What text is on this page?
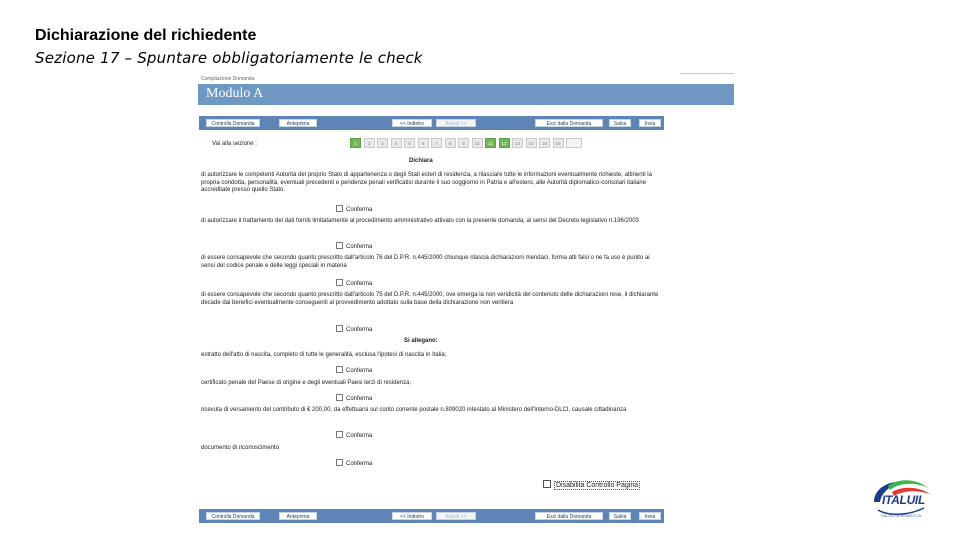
Dichiarazione del richiedente
Sezione 17 – Spuntare obbligatoriamente le check
Compilazione Domanda
Modulo A
Controlla Domanda	Anteprima	<< Indietro	Avanti >>	Esci dalla Domanda	Salva	Invia
Vai alla sezione :	1	2	3	4	5	6	7	8	9	10	11	12	13	14	15	16
Dichiara
di autorizzare le competenti Autorità del proprio Stato di appartenenza o degli Stati esteri di residenza, a rilasciare tutte le informazioni eventualmente richieste, attinenti la propria condotta, personalità, eventuali precedenti e pendenze penali verificatisi durante il suo soggiorno in Patria e all'estero, alle Autorità diplomatico-consolari italiane accreditate presso quello Stato.
Conferma
di autorizzare il trattamento dei dati forniti limitatamente al procedimento amministrativo attivato con la presente domanda, ai sensi del Decreto legislativo n.196/2003
Conferma
di essere consapevole che secondo quanto prescritto dall'articolo 76 del D.P.R. n.445/2000 chiunque rilascia dichiarazioni mendaci, forma atti falsi o ne fa uso è punito ai sensi del codice penale e delle leggi speciali in materia
Conferma
di essere consapevole che secondo quanto prescritto dall'articolo 75 del D.P.R. n.445/2000, ove emerga la non veridicità del contenuto delle dichiarazioni rese, il dichiarante decade dai benefici eventualmente conseguenti al provvedimento adottato sulla base della dichiarazione non veritiera
Conferma
Si allegano:
estratto dell'atto di nascita, completo di tutte le generalità, esclusa l'ipotesi di nascita in Italia;
Conferma
certificato penale del Paese di origine e degli eventuali Paesi terzi di residenza;
Conferma
ricevuta di versamento del contributo di € 200,00, da effettuarsi sul conto corrente postale n.809020 intestato al Ministero dell'Interno-DLCI, causale cittadinanza
Conferma
documento di riconoscimento
Conferma
Disabilita Controllo Pagina
Controlla Domanda	Anteprima	<< Indietro	Avanti >>	Esci dalla Domanda	Salva	Invia
ITALUIL
ITALUIL PATRONATO UIL
